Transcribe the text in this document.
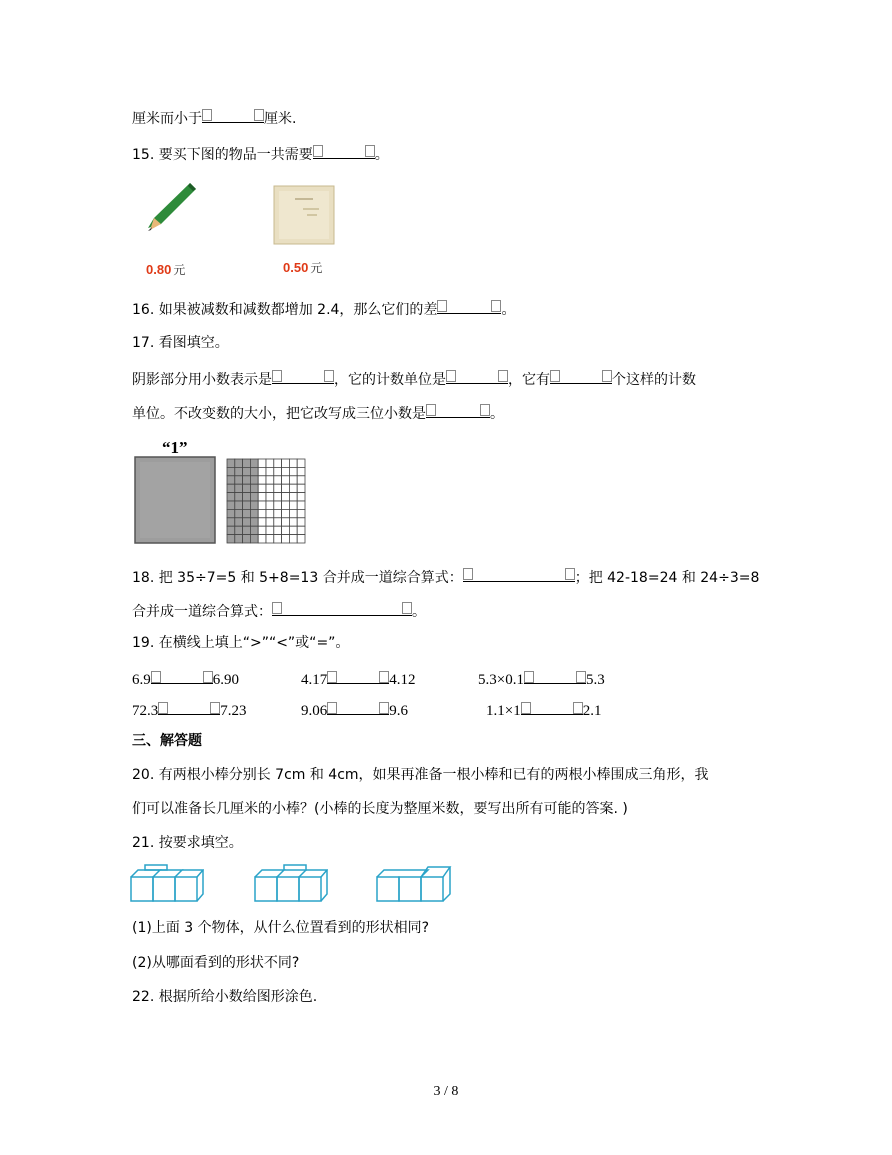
厘米而小于	厘米.
15. 要买下图的物品一共需要	。
0.80 元	0.50 元
16. 如果被减数和减数都增加 2.4，那么它们的差	。
17. 看图填空。
阴影部分用小数表示是	，它的计数单位是	，它有	个这样的计数
单位。不改变数的大小，把它改写成三位小数是	。
“1”
18. 把 35÷7=5 和 5+8=13 合并成一道综合算式：	；把 42-18=24 和 24÷3=8
合并成一道综合算式：	。
19. 在横线上填上“>”“<”或“=”。
6.9	6.90	4.17	4.12	5.3×0.1	5.3
72.3	7.23	9.06	9.6	1.1×1	2.1
三、解答题
20. 有两根小棒分别长 7cm 和 4cm，如果再准备一根小棒和已有的两根小棒围成三角形，我
们可以准备长几厘米的小棒？(小棒的长度为整厘米数，要写出所有可能的答案. )
21. 按要求填空。
(1)上面 3 个物体，从什么位置看到的形状相同?
(2)从哪面看到的形状不同?
22. 根据所给小数给图形涂色.
3 / 8
